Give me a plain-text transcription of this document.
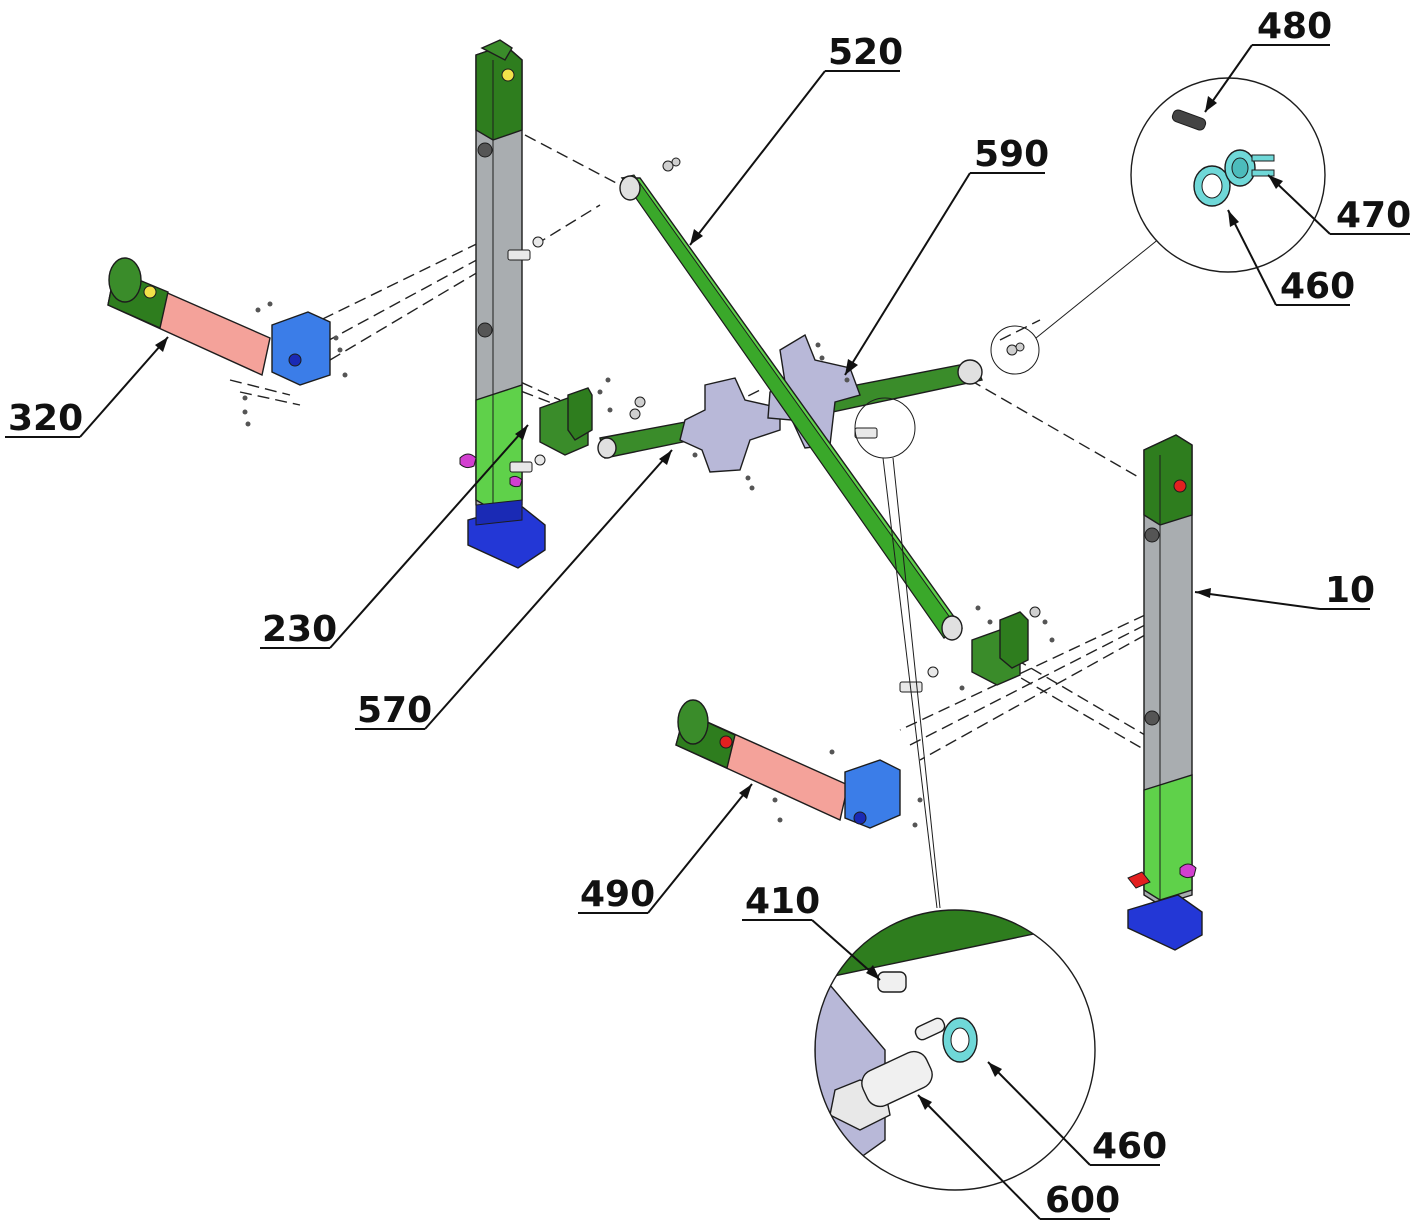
480
520
590
470
460
320
10
230
570
490 410
460
600
